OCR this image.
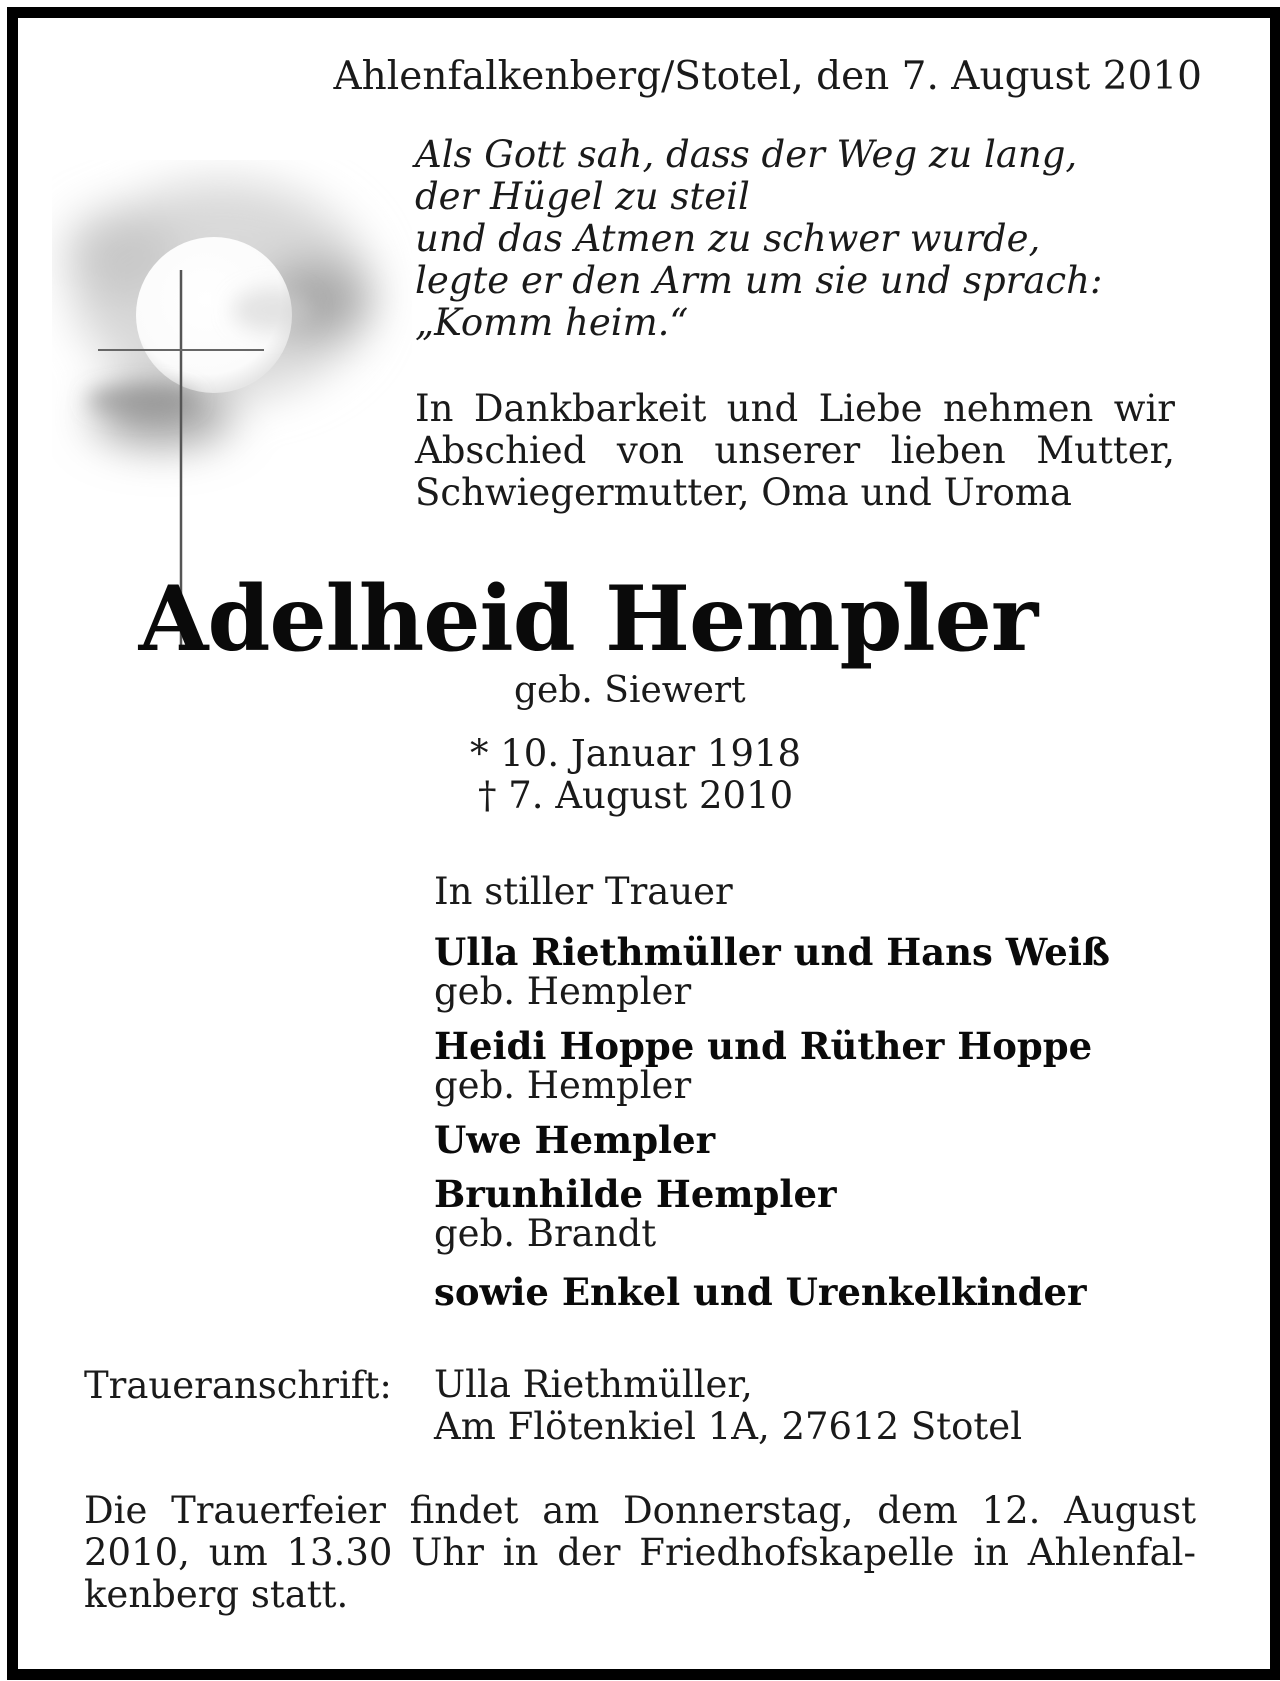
Ahlenfalkenberg/Stotel, den 7. August 2010
Als Gott sah, dass der Weg zu lang,
der Hügel zu steil
und das Atmen zu schwer wurde,
legte er den Arm um sie und sprach:
„Komm heim.“
In Dankbarkeit und Liebe nehmen wir
Abschied von unserer lieben Mutter,
Schwiegermutter, Oma und Uroma
Adelheid Hempler
geb. Siewert
* 10. Januar 1918
† 7. August 2010
In stiller Trauer
Ulla Riethmüller und Hans Weiß
geb. Hempler
Heidi Hoppe und Rüther Hoppe
geb. Hempler
Uwe Hempler
Brunhilde Hempler
geb. Brandt
sowie Enkel und Urenkelkinder
Traueranschrift: Ulla Riethmüller,
Am Flötenkiel 1A, 27612 Stotel
Die Trauerfeier findet am Donnerstag, dem 12. August
2010, um 13.30 Uhr in der Friedhofskapelle in Ahlenfal-
kenberg statt.
